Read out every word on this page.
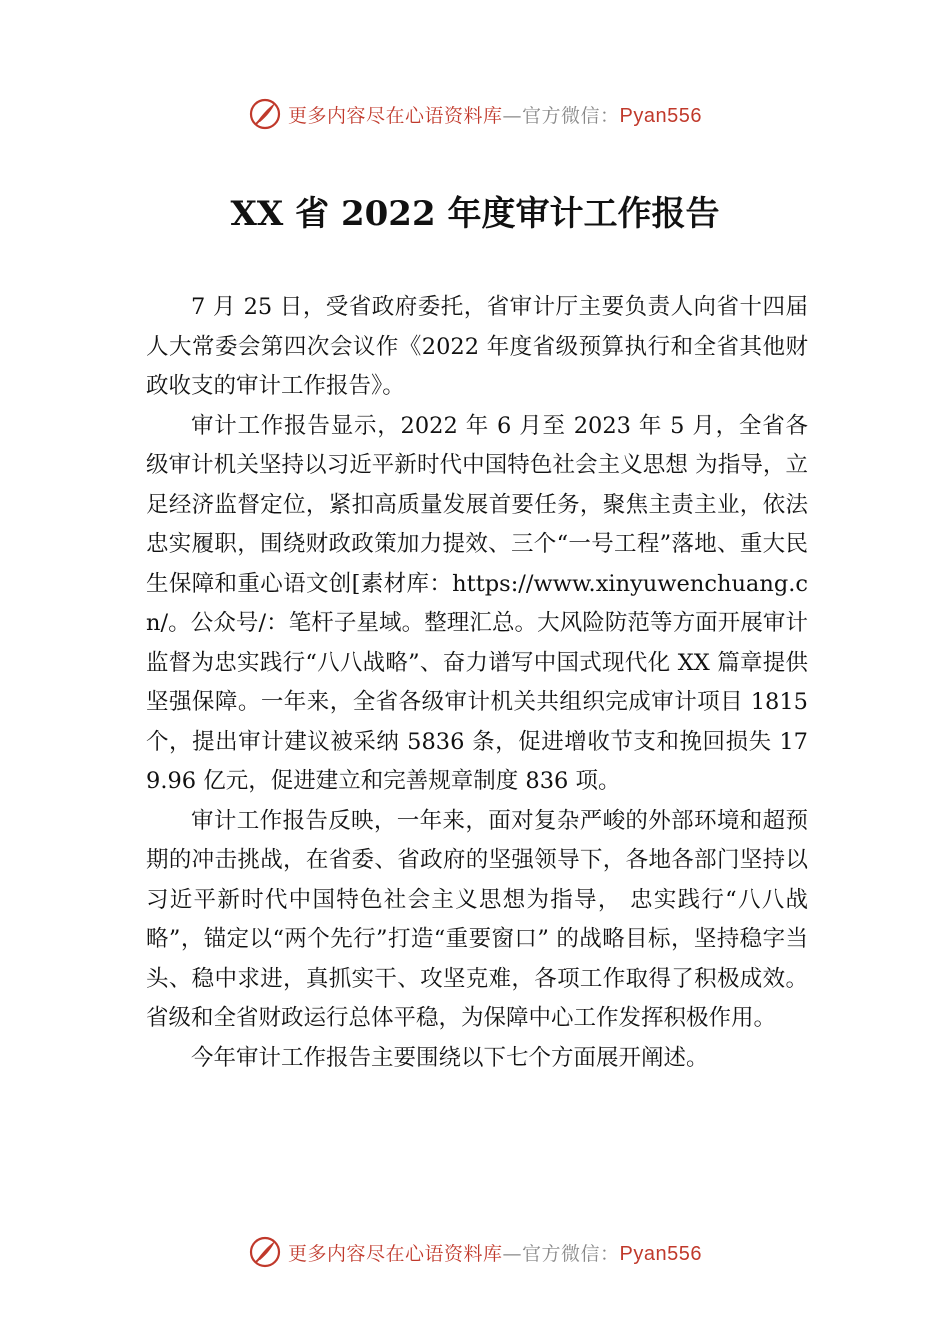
更多内容尽在心语资料库—官方微信：Pyan556
XX 省 2022 年度审计工作报告

7 月 25 日，受省政府委托，省审计厅主要负责人向省十四届人大常委会第四次会议作《2022 年度省级预算执行和全省其他财政收支的审计工作报告》。

审计工作报告显示，2022 年 6 月至 2023 年 5 月，全省各级审计机关坚持以习近平新时代中国特色社会主义思想 为指导，立足经济监督定位，紧扣高质量发展首要任务，聚焦主责主业，依法忠实履职，围绕财政政策加力提效、三个“一号工程”落地、重大民生保障和重心语文创[素材库：https://www.xinyuwenchuang.cn/。公众号/：笔杆子星域。整理汇总。大风险防范等方面开展审计监督为忠实践行“八八战略”、奋力谱写中国式现代化 XX 篇章提供坚强保障。一年来，全省各级审计机关共组织完成审计项目 1815 个，提出审计建议被采纳 5836 条，促进增收节支和挽回损失 179.96 亿元，促进建立和完善规章制度 836 项。

审计工作报告反映，一年来，面对复杂严峻的外部环境和超预期的冲击挑战，在省委、省政府的坚强领导下，各地各部门坚持以习近平新时代中国特色社会主义思想为指导， 忠实践行“八八战略”，锚定以“两个先行”打造“重要窗口” 的战略目标，坚持稳字当头、稳中求进，真抓实干、攻坚克难，各项工作取得了积极成效。省级和全省财政运行总体平稳，为保障中心工作发挥积极作用。

今年审计工作报告主要围绕以下七个方面展开阐述。

更多内容尽在心语资料库—官方微信：Pyan556
